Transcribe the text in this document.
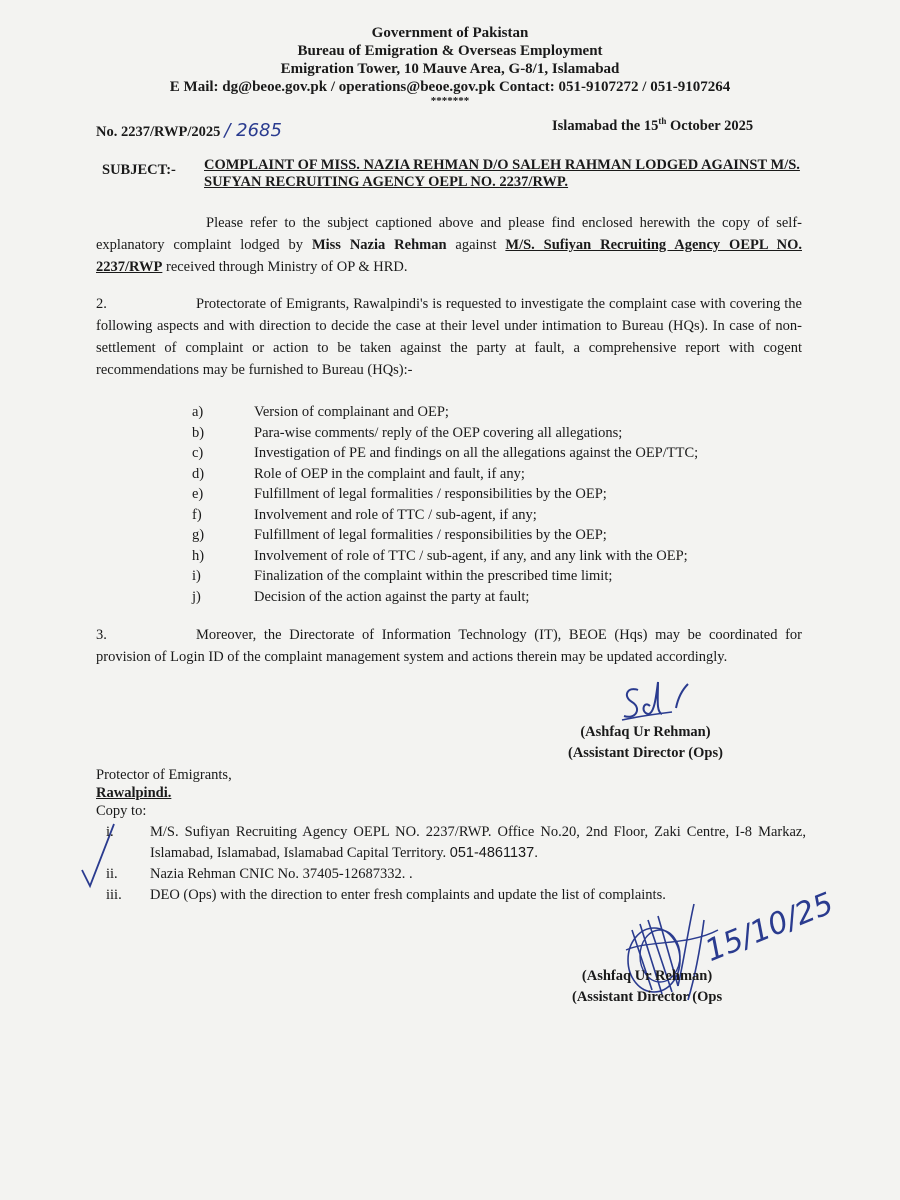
Government of Pakistan
Bureau of Emigration & Overseas Employment
Emigration Tower, 10 Mauve Area, G-8/1, Islamabad
E Mail: dg@beoe.gov.pk / operations@beoe.gov.pk Contact: 051-9107272 / 051-9107264
*******
No. 2237/RWP/2025 / 2685	Islamabad the 15th October 2025
SUBJECT:- COMPLAINT OF MISS. NAZIA REHMAN D/O SALEH RAHMAN LODGED AGAINST M/S. SUFYAN RECRUITING AGENCY OEPL NO. 2237/RWP.
Please refer to the subject captioned above and please find enclosed herewith the copy of self-explanatory complaint lodged by Miss Nazia Rehman against M/S. Sufiyan Recruiting Agency OEPL NO. 2237/RWP received through Ministry of OP & HRD.
2.	Protectorate of Emigrants, Rawalpindi's is requested to investigate the complaint case with covering the following aspects and with direction to decide the case at their level under intimation to Bureau (HQs). In case of non-settlement of complaint or action to be taken against the party at fault, a comprehensive report with cogent recommendations may be furnished to Bureau (HQs):-
a)	Version of complainant and OEP;
b)	Para-wise comments/ reply of the OEP covering all allegations;
c)	Investigation of PE and findings on all the allegations against the OEP/TTC;
d)	Role of OEP in the complaint and fault, if any;
e)	Fulfillment of legal formalities / responsibilities by the OEP;
f)	Involvement and role of TTC / sub-agent, if any;
g)	Fulfillment of legal formalities / responsibilities by the OEP;
h)	Involvement of role of TTC / sub-agent, if any, and any link with the OEP;
i)	Finalization of the complaint within the prescribed time limit;
j)	Decision of the action against the party at fault;
3.	Moreover, the Directorate of Information Technology (IT), BEOE (Hqs) may be coordinated for provision of Login ID of the complaint management system and actions therein may be updated accordingly.
(Ashfaq Ur Rehman)
(Assistant Director (Ops)
Protector of Emigrants,
Rawalpindi.
Copy to:
i.	M/S. Sufiyan Recruiting Agency OEPL NO. 2237/RWP. Office No.20, 2nd Floor, Zaki Centre, I-8 Markaz, Islamabad, Islamabad, Islamabad Capital Territory. 051-4861137.
ii.	Nazia Rehman CNIC No. 37405-12687332. .
iii.	DEO (Ops) with the direction to enter fresh complaints and update the list of complaints.	15/10/25
(Ashfaq Ur Rehman)
(Assistant Director (Ops
